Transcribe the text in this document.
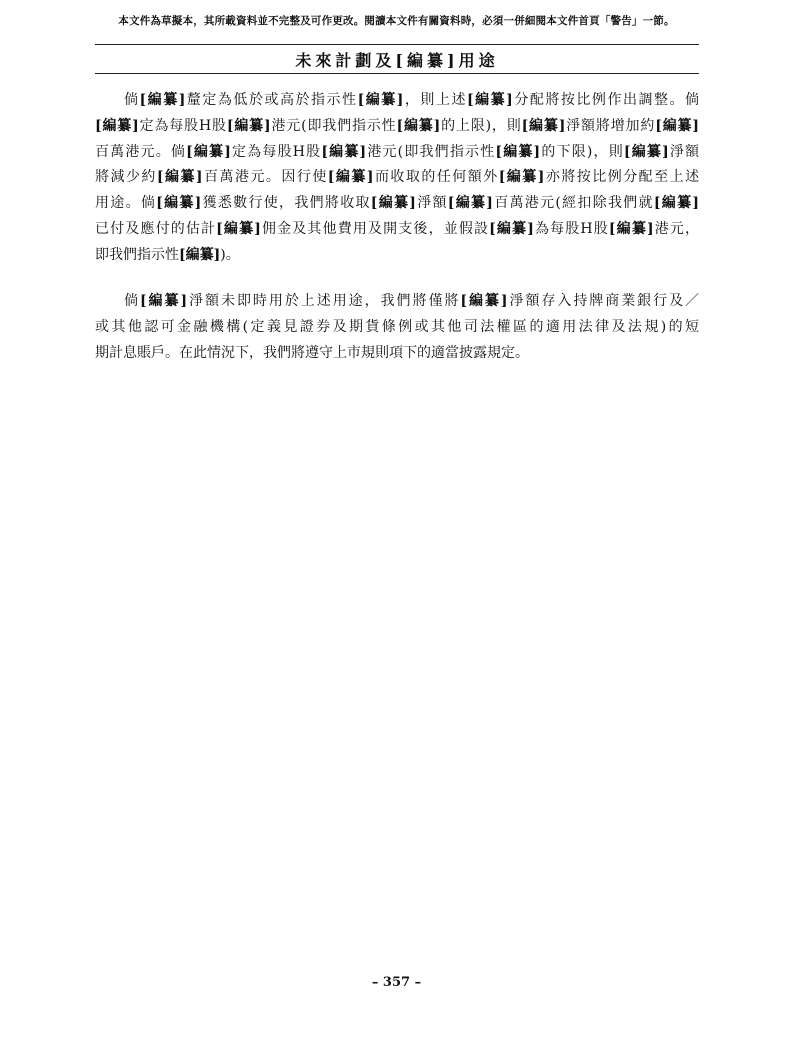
本文件為草擬本，其所載資料並不完整及可作更改。閱讀本文件有關資料時，必須一併細閱本文件首頁「警告」一節。
未來計劃及[編纂]用途
倘[編纂]釐定為低於或高於指示性[編纂]，則上述[編纂]分配將按比例作出調整。倘
[編纂]定為每股H股[編纂]港元(即我們指示性[編纂]的上限)，則[編纂]淨額將增加約[編纂]
百萬港元。倘[編纂]定為每股H股[編纂]港元(即我們指示性[編纂]的下限)，則[編纂]淨額
將減少約[編纂]百萬港元。因行使[編纂]而收取的任何額外[編纂]亦將按比例分配至上述
用途。倘[編纂]獲悉數行使，我們將收取[編纂]淨額[編纂]百萬港元(經扣除我們就[編纂]
已付及應付的估計[編纂]佣金及其他費用及開支後，並假設[編纂]為每股H股[編纂]港元，
即我們指示性[編纂])。
倘[編纂]淨額未即時用於上述用途，我們將僅將[編纂]淨額存入持牌商業銀行及／
或其他認可金融機構(定義見證券及期貨條例或其他司法權區的適用法律及法規)的短
期計息賬戶。在此情況下，我們將遵守上市規則項下的適當披露規定。
– 357 –
